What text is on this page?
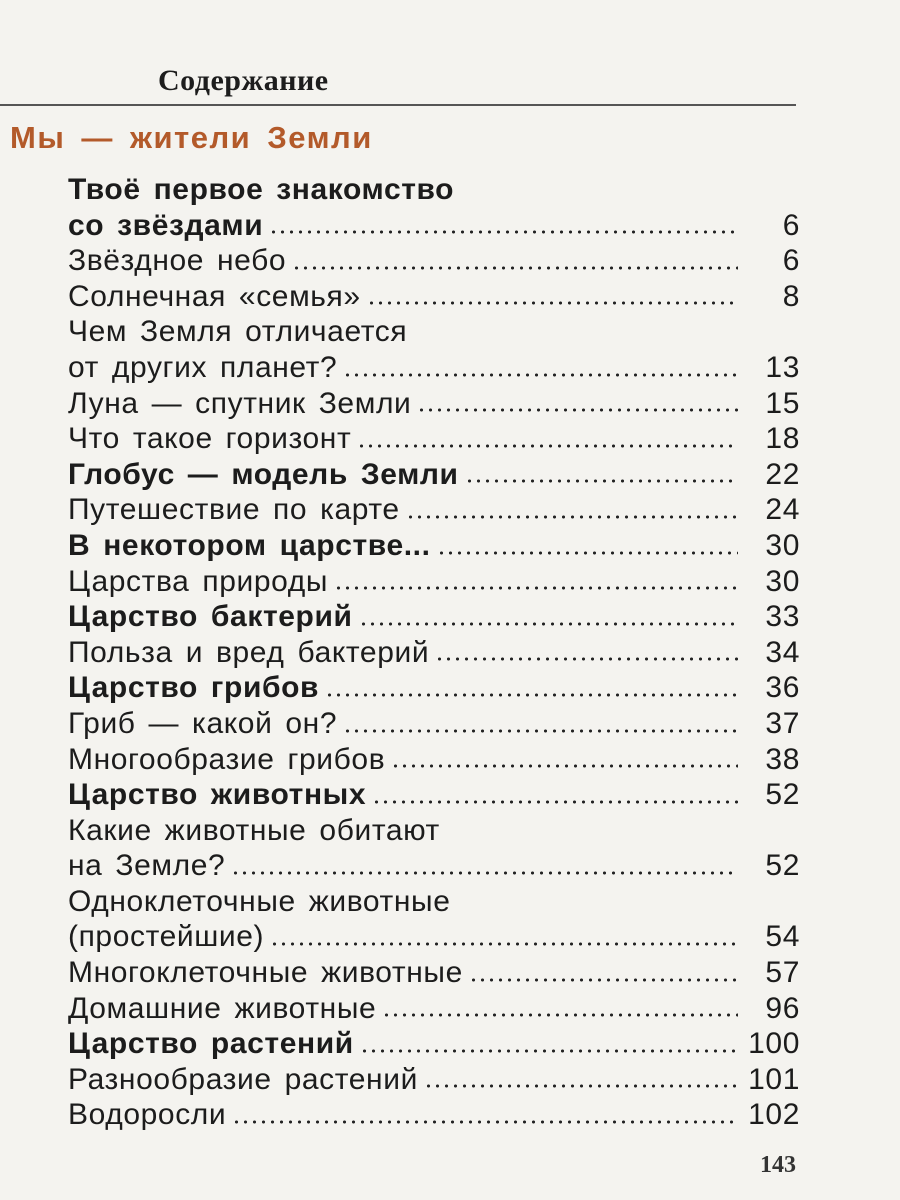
Содержание
Мы — жители Земли
Твоё первое знакомство
со звёздами	6
Звёздное небо	6
Солнечная «семья»	8
Чем Земля отличается
от других планет?	13
Луна — спутник Земли	15
Что такое горизонт	18
Глобус — модель Земли	22
Путешествие по карте	24
В некотором царстве...	30
Царства природы	30
Царство бактерий	33
Польза и вред бактерий	34
Царство грибов	36
Гриб — какой он?	37
Многообразие грибов	38
Царство животных	52
Какие животные обитают
на Земле?	52
Одноклеточные животные
(простейшие)	54
Многоклеточные животные	57
Домашние животные	96
Царство растений	100
Разнообразие растений	101
Водоросли	102
143
